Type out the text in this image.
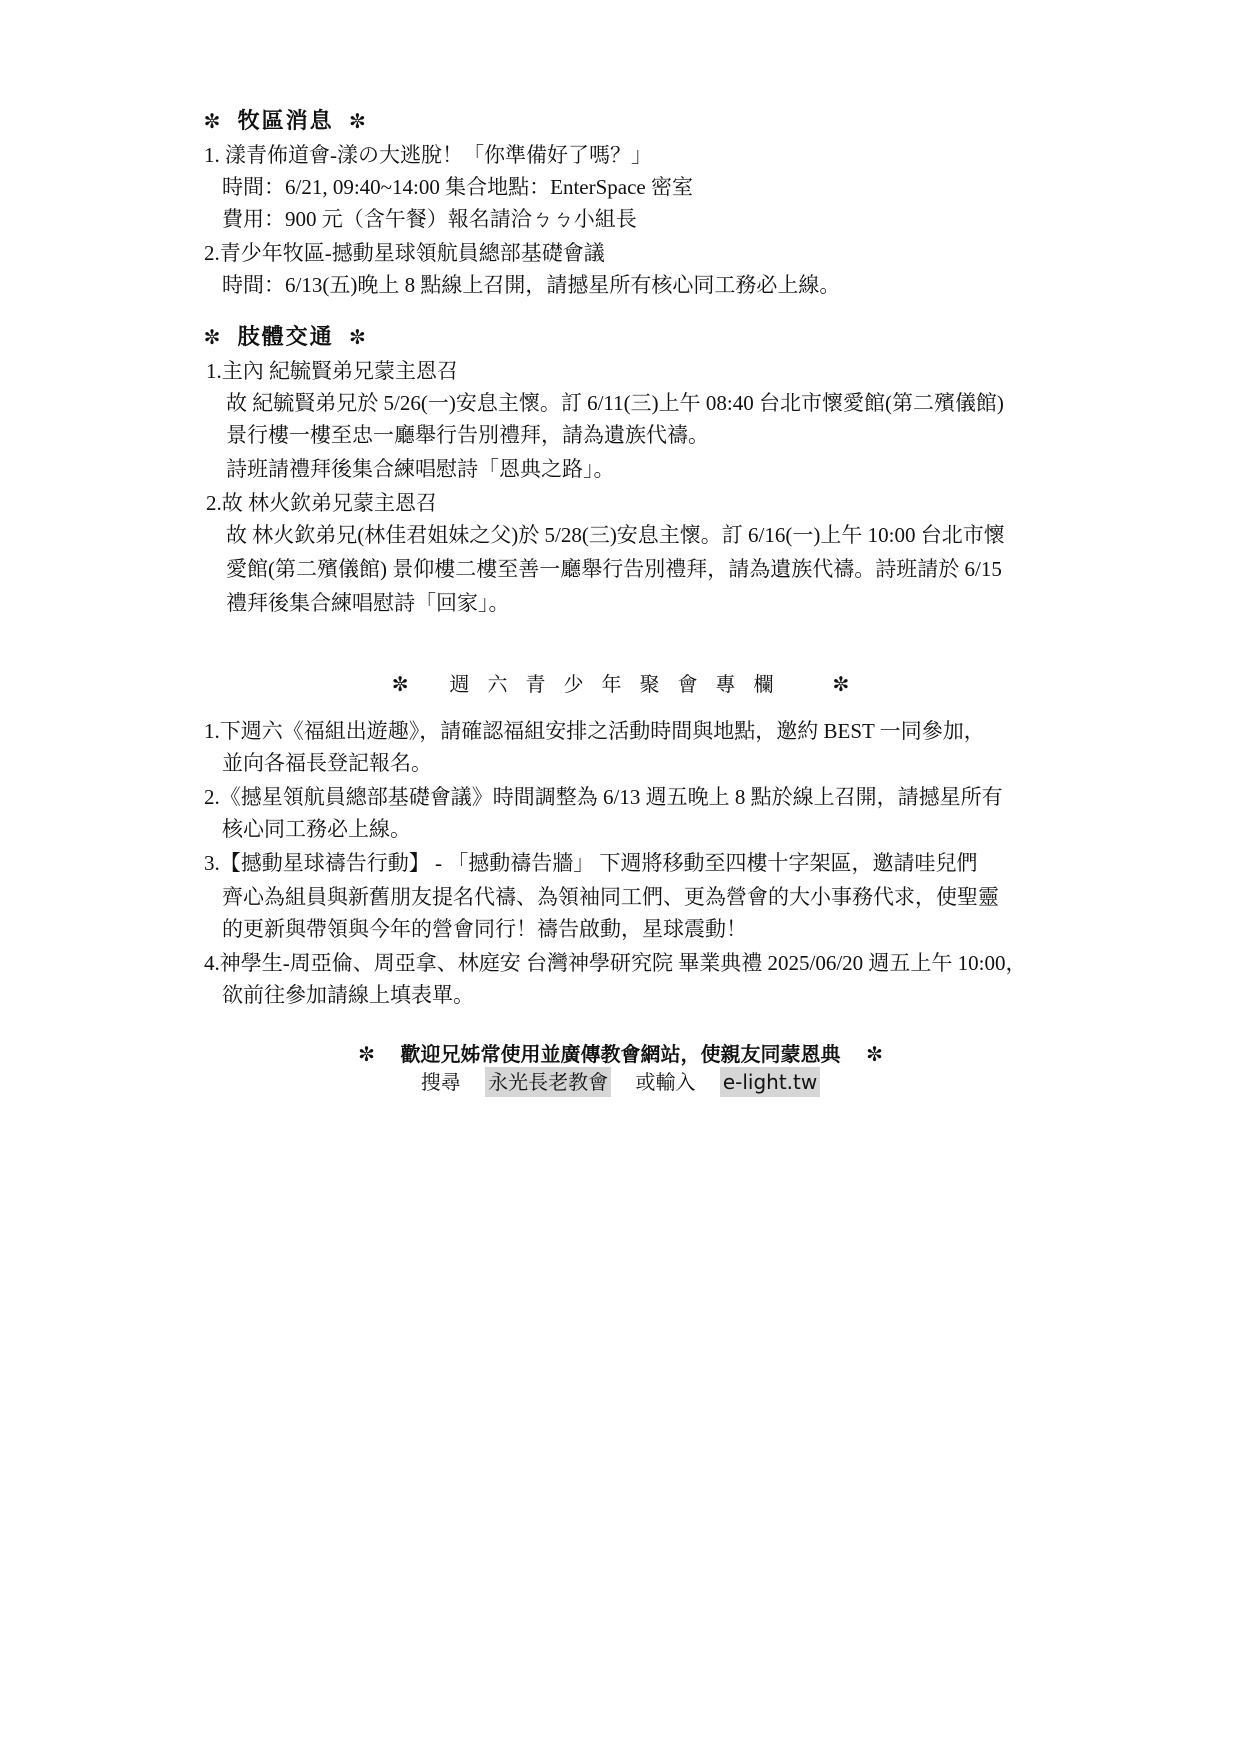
✼ 牧區消息 ✼
1. 漾青佈道會-漾の大逃脫！「你準備好了嗎？」
時間：6/21, 09:40~14:00 集合地點：EnterSpace 密室
費用：900 元（含午餐）報名請洽ㄅㄅ小組長
2.青少年牧區-撼動星球領航員總部基礎會議
時間：6/13(五)晚上 8 點線上召開，請撼星所有核心同工務必上線。
✼ 肢體交通 ✼
1.主內 紀毓賢弟兄蒙主恩召
故 紀毓賢弟兄於 5/26(一)安息主懷。訂 6/11(三)上午 08:40 台北市懷愛館(第二殯儀館)
景行樓一樓至忠一廳舉行告別禮拜，請為遺族代禱。
詩班請禮拜後集合練唱慰詩「恩典之路」。
2.故 林火欽弟兄蒙主恩召
故 林火欽弟兄(林佳君姐妹之父)於 5/28(三)安息主懷。訂 6/16(一)上午 10:00 台北市懷
愛館(第二殯儀館) 景仰樓二樓至善一廳舉行告別禮拜，請為遺族代禱。詩班請於 6/15
禮拜後集合練唱慰詩「回家」。
✼ 週六青少年聚會專欄 ✼
1.下週六《福組出遊趣》，請確認福組安排之活動時間與地點，邀約 BEST 一同參加，
並向各福長登記報名。
2.《撼星領航員總部基礎會議》時間調整為 6/13 週五晚上 8 點於線上召開，請撼星所有
核心同工務必上線。
3.【撼動星球禱告行動】 - 「撼動禱告牆」 下週將移動至四樓十字架區，邀請哇兒們
齊心為組員與新舊朋友提名代禱、為領袖同工們、更為營會的大小事務代求，使聖靈
的更新與帶領與今年的營會同行！禱告啟動，星球震動！
4.神學生-周亞倫、周亞拿、林庭安 台灣神學研究院 畢業典禮 2025/06/20 週五上午 10:00，
欲前往參加請線上填表單。
✼ 歡迎兄姊常使用並廣傳教會網站，使親友同蒙恩典 ✼
搜尋 永光長老教會 或輸入 e-light.tw
